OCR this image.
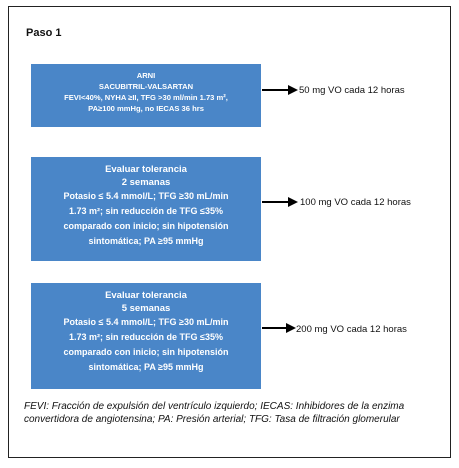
Paso 1
ARNI
SACUBITRIL-VALSARTAN
FEVI<40%, NYHA ≥II, TFG >30 ml/min 1.73 m²,
PA≥100 mmHg, no IECAS 36 hrs
Evaluar tolerancia
2 semanas
Potasio ≤ 5.4 mmol/L; TFG ≥30 mL/min
1.73 m²; sin reducción de TFG ≤35%
comparado con inicio; sin hipotensión
sintomática; PA ≥95 mmHg
Evaluar tolerancia
5 semanas
Potasio ≤ 5.4 mmol/L; TFG ≥30 mL/min
1.73 m²; sin reducción de TFG ≤35%
comparado con inicio; sin hipotensión
sintomática; PA ≥95 mmHg
50 mg VO cada 12 horas
100 mg VO cada 12 horas
200 mg VO cada 12 horas
FEVI: Fracción de expulsión del ventrículo izquierdo; IECAS: Inhibidores de la enzima convertidora de angiotensina; PA: Presión arterial; TFG: Tasa de filtración glomerular
